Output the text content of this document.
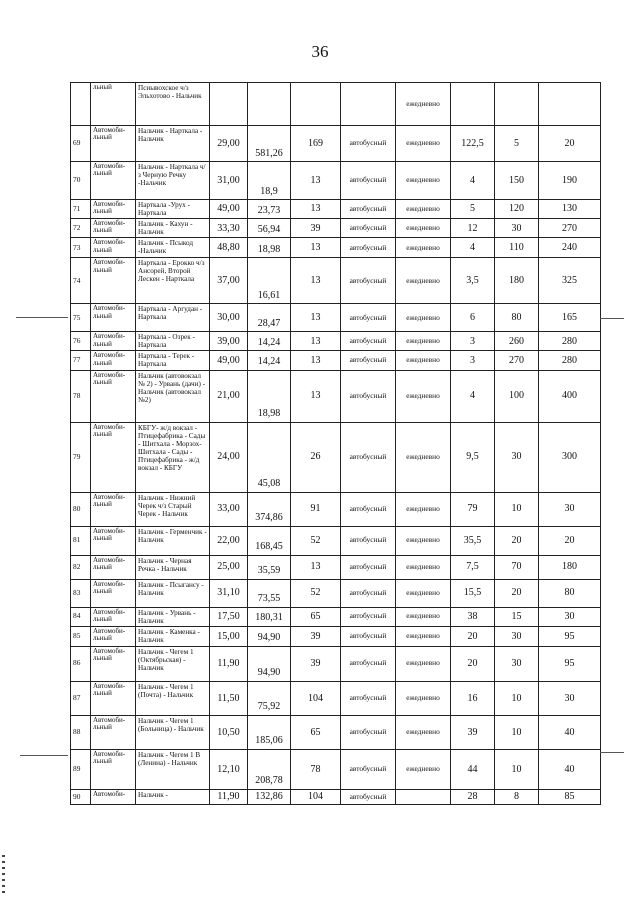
36
	льный	Псиывохское ч/з Эльхотово - Нальчик					ежедневно			
69	Автомоби-льный	Нальчик - Нарткала - Нальчик	29,00	581,26	169	автобусный	ежедневно	122,5	5	20
70	Автомоби-льный	Нальчик - Нарткала ч/з Черную Речку -Нальчик	31,00	18,9	13	автобусный	ежедневно	4	150	190
71	Автомоби-льный	Нарткала -Урух - Нарткала	49,00	23,73	13	автобусный	ежедневно	5	120	130
72	Автомоби-льный	Нальчик - Кахун - Нальчик	33,30	56,94	39	автобусный	ежедневно	12	30	270
73	Автомоби-льный	Нальчик - Псыкод -Нальчик	48,80	18,98	13	автобусный	ежедневно	4	110	240
74	Автомоби-льный	Нарткала - Ерокко ч/з Ансорей, Второй Лескен - Нарткала	37,00	16,61	13	автобусный	ежедневно	3,5	180	325
75	Автомоби-льный	Нарткала - Аргудан - Нарткала	30,00	28,47	13	автобусный	ежедневно	6	80	165
76	Автомоби-льный	Нарткала - Озрек - Нарткала	39,00	14,24	13	автобусный	ежедневно	3	260	280
77	Автомоби-льный	Нарткала - Терек - Нарткала	49,00	14,24	13	автобусный	ежедневно	3	270	280
78	Автомоби-льный	Нальчик (автовокзал № 2) - Урвань (дачи) - Нальчик (автовокзал №2)	21,00	18,98	13	автобусный	ежедневно	4	100	400
79	Автомоби-льный	КБГУ- ж/д вокзал - Птицефабрика - Сады - Шитхала - Морзох- Шитхала - Сады - Птицефабрика - ж/д вокзал - КБГУ	24,00	45,08	26	автобусный	ежедневно	9,5	30	300
80	Автомоби-льный	Нальчик - Нижний Черек ч/з Старый Черек - Нальчик	33,00	374,86	91	автобусный	ежедневно	79	10	30
81	Автомоби-льный	Нальчик - Герменчик - Нальчик	22,00	168,45	52	автобусный	ежедневно	35,5	20	20
82	Автомоби-льный	Нальчик - Черная Речка - Нальчик	25,00	35,59	13	автобусный	ежедневно	7,5	70	180
83	Автомоби-льный	Нальчик - Псыгансу - Нальчик	31,10	73,55	52	автобусный	ежедневно	15,5	20	80
84	Автомоби-льный	Нальчик - Урвань - Нальчик	17,50	180,31	65	автобусный	ежедневно	38	15	30
85	Автомоби-льный	Нальчик - Каменка - Нальчик	15,00	94,90	39	автобусный	ежедневно	20	30	95
86	Автомоби-льный	Нальчик - Чегем 1 (Октябрьская) - Нальчик	11,90	94,90	39	автобусный	ежедневно	20	30	95
87	Автомоби-льный	Нальчик - Чегем 1 (Почта) - Нальчик	11,50	75,92	104	автобусный	ежедневно	16	10	30
88	Автомоби-льный	Нальчик - Чегем 1 (Больница) - Нальчик	10,50	185,06	65	автобусный	ежедневно	39	10	40
89	Автомоби-льный	Нальчик - Чегем 1 В (Ленина) - Нальчик	12,10	208,78	78	автобусный	ежедневно	44	10	40
90	Автомоби-	Нальчик -	11,90	132,86	104	автобусный		28	8	85
